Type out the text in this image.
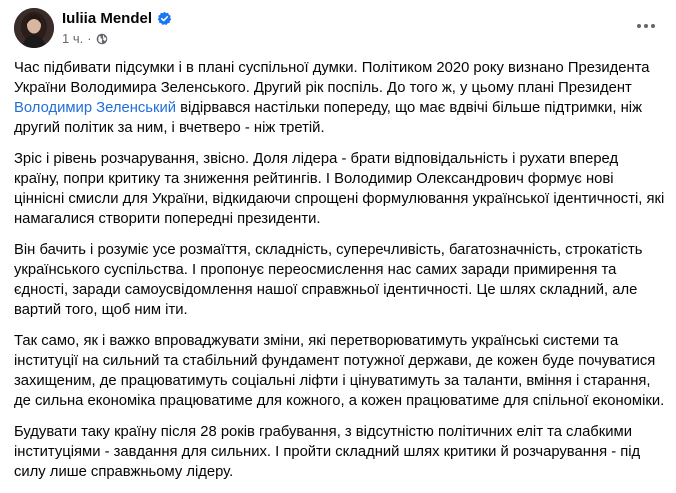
Iuliia Mendel
1 ч. ·

Час підбивати підсумки і в плані суспільної думки. Політиком 2020 року визнано Президента України Володимира Зеленського. Другий рік поспіль. До того ж, у цьому плані Президент Володимир Зеленський відірвався настільки попереду, що має вдвічі більше підтримки, ніж другий політик за ним, і вчетверо - ніж третій.

Зріс і рівень розчарування, звісно. Доля лідера - брати відповідальність і рухати вперед країну, попри критику та зниження рейтингів. І Володимир Олександрович формує нові ціннісні смисли для України, відкидаючи спрощені формулювання української ідентичності, які намагалися створити попередні президенти.

Він бачить і розуміє усе розмаїття, складність, суперечливість, багатозначність, строкатість українського суспільства. І пропонує переосмислення нас самих заради примирення та єдності, заради самоусвідомлення нашої справжньої ідентичності. Це шлях складний, але вартий того, щоб ним іти.

Так само, як і важко впроваджувати зміни, які перетворюватимуть українські системи та інституції на сильний та стабільний фундамент потужної держави, де кожен буде почуватися захищеним, де працюватимуть соціальні ліфти і цінуватимуть за таланти, вміння і старання, де сильна економіка працюватиме для кожного, а кожен працюватиме для спільної економіки.

Будувати таку країну після 28 років грабування, з відсутністю політичних еліт та слабкими інституціями - завдання для сильних. І пройти складний шлях критики й розчарування - під силу лише справжньому лідеру.
